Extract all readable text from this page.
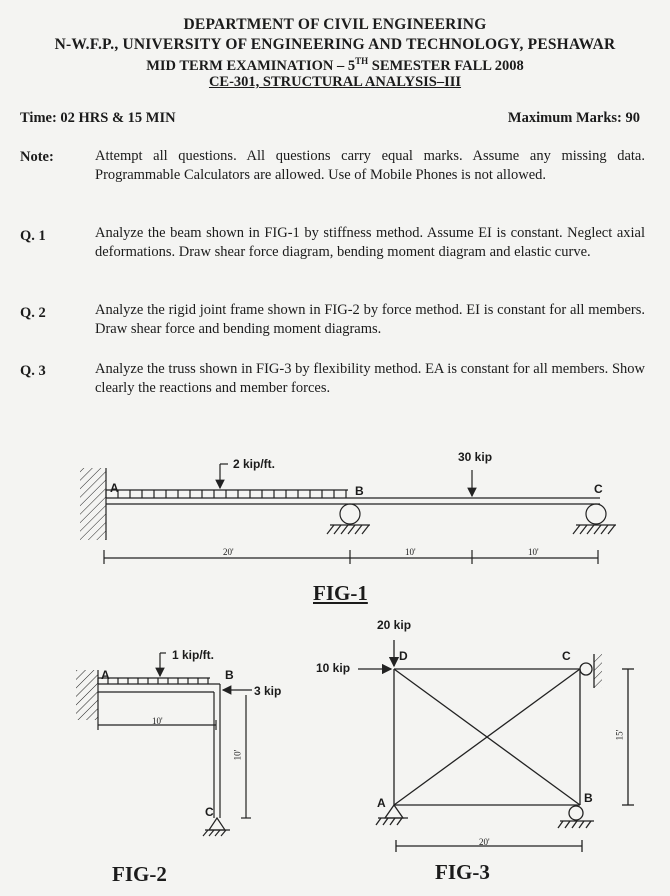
DEPARTMENT OF CIVIL ENGINEERING
N-W.F.P., UNIVERSITY OF ENGINEERING AND TECHNOLOGY, PESHAWAR
MID TERM EXAMINATION – 5TH SEMESTER FALL 2008
CE-301, STRUCTURAL ANALYSIS–III
Time: 02 HRS & 15 MIN	Maximum Marks: 90
Note:	Attempt all questions. All questions carry equal marks. Assume any missing data. Programmable Calculators are allowed. Use of Mobile Phones is not allowed.
Q. 1	Analyze the beam shown in FIG-1 by stiffness method. Assume EI is constant. Neglect axial deformations. Draw shear force diagram, bending moment diagram and elastic curve.
Q. 2	Analyze the rigid joint frame shown in FIG-2 by force method. EI is constant for all members. Draw shear force and bending moment diagrams.
Q. 3	Analyze the truss shown in FIG-3 by flexibility method. EA is constant for all members. Show clearly the reactions and member forces.
2 kip/ft.	30 kip
A	B	C
20'	10'	10'
FIG-1
1 kip/ft.
A	B
3 kip
C
10'
10'
FIG-2
20 kip
10 kip
D	C
A	B
20'
15'
FIG-3
